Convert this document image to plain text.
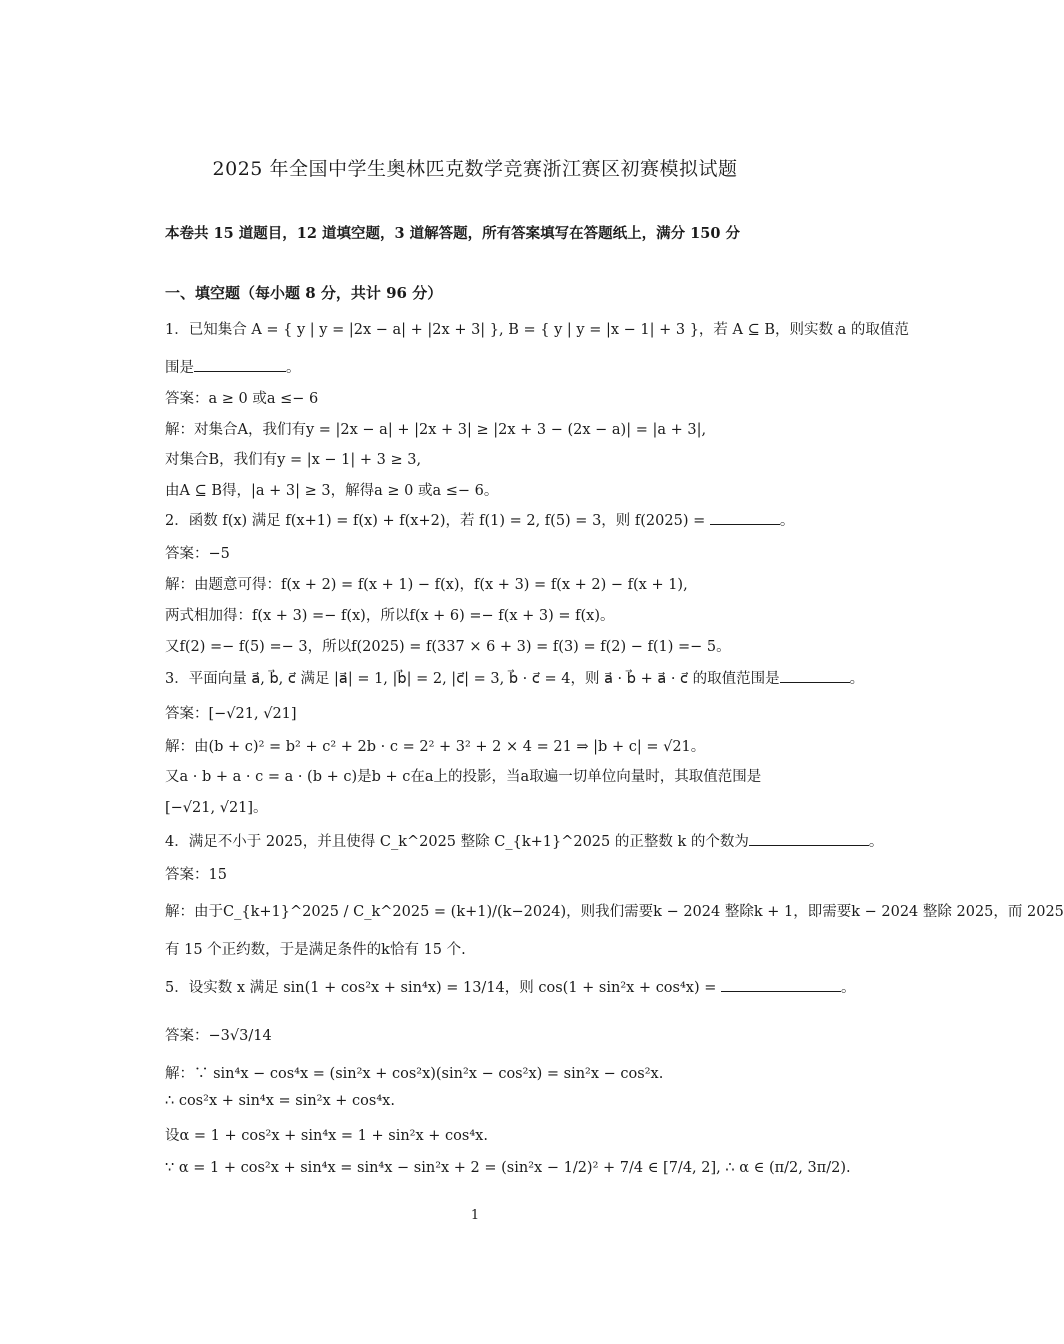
2025 年全国中学生奥林匹克数学竞赛浙江赛区初赛模拟试题
本卷共 15 道题目，12 道填空题，3 道解答题，所有答案填写在答题纸上，满分 150 分
一、填空题（每小题 8 分，共计 96 分）
1．已知集合 A = { y | y = |2x − a| + |2x + 3| }, B = { y | y = |x − 1| + 3 }，若 A ⊆ B，则实数 a 的取值范
围是	。
答案：a ≥ 0 或a ≤− 6
解：对集合A，我们有y = |2x − a| + |2x + 3| ≥ |2x + 3 − (2x − a)| = |a + 3|,
对集合B，我们有y = |x − 1| + 3 ≥ 3,
由A ⊆ B得，|a + 3| ≥ 3，解得a ≥ 0 或a ≤− 6。
2．函数 f(x) 满足 f(x+1) = f(x) + f(x+2)，若 f(1) = 2, f(5) = 3，则 f(2025) =	。
答案：−5
解：由题意可得：f(x + 2) = f(x + 1) − f(x)，f(x + 3) = f(x + 2) − f(x + 1),
两式相加得：f(x + 3) =− f(x)，所以f(x + 6) =− f(x + 3) = f(x)。
又f(2) =− f(5) =− 3，所以f(2025) = f(337 × 6 + 3) = f(3) = f(2) − f(1) =− 5。
3．平面向量 a⃗, b⃗, c⃗ 满足 |a⃗| = 1, |b⃗| = 2, |c⃗| = 3, b⃗ · c⃗ = 4，则 a⃗ · b⃗ + a⃗ · c⃗ 的取值范围是	。
答案：[−√21, √21]
解：由(b + c)² = b² + c² + 2b · c = 2² + 3² + 2 × 4 = 21 ⇒ |b + c| = √21。
又a · b + a · c = a · (b + c)是b + c在a上的投影，当a取遍一切单位向量时，其取值范围是
[−√21, √21]。
4．满足不小于 2025，并且使得 C_k^2025 整除 C_{k+1}^2025 的正整数 k 的个数为	。
答案：15
解：由于C_{k+1}^2025 / C_k^2025 = (k+1)/(k−2024)，则我们需要k − 2024 整除k + 1，即需要k − 2024 整除 2025，而 2025
有 15 个正约数，于是满足条件的k恰有 15 个.
5．设实数 x 满足 sin(1 + cos²x + sin⁴x) = 13/14，则 cos(1 + sin²x + cos⁴x) =	。
答案：−3√3/14
解：∵ sin⁴x − cos⁴x = (sin²x + cos²x)(sin²x − cos²x) = sin²x − cos²x.
∴ cos²x + sin⁴x = sin²x + cos⁴x.
设α = 1 + cos²x + sin⁴x = 1 + sin²x + cos⁴x.
∵ α = 1 + cos²x + sin⁴x = sin⁴x − sin²x + 2 = (sin²x − 1/2)² + 7/4 ∈ [7/4, 2], ∴ α ∈ (π/2, 3π/2).
1
